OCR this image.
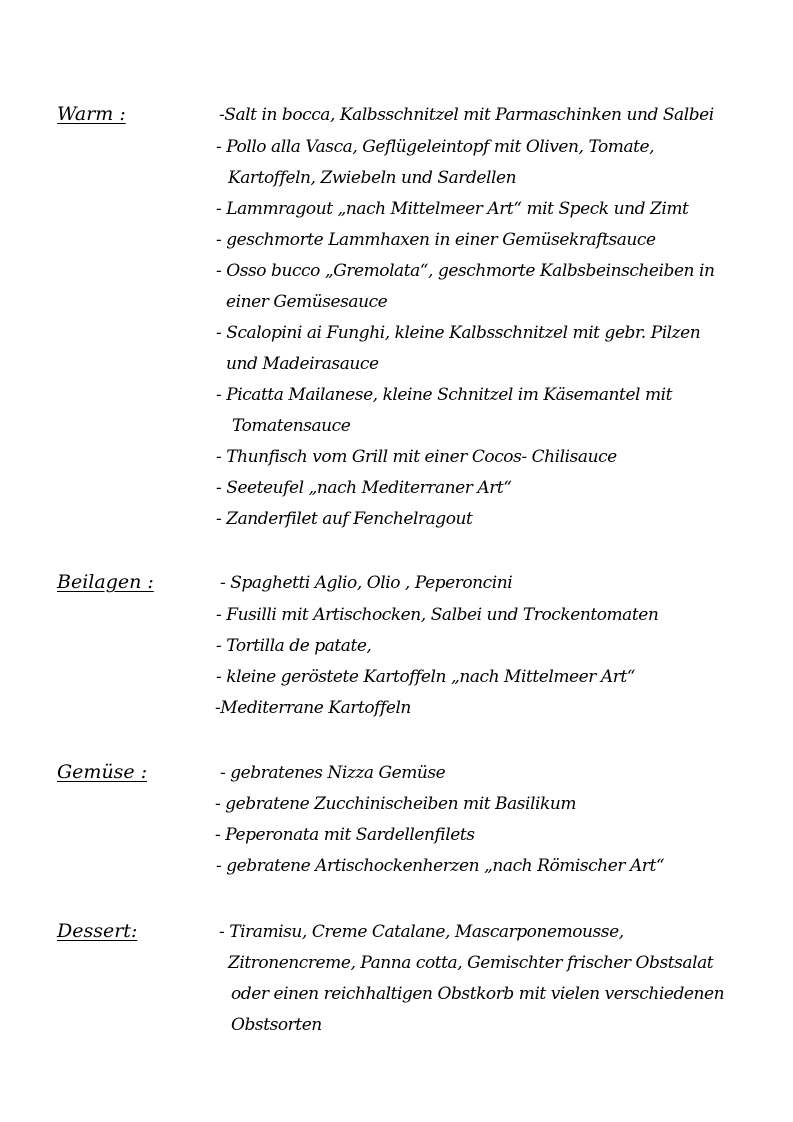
Warm :	-Salt in bocca, Kalbsschnitzel mit Parmaschinken und Salbei
- Pollo alla Vasca, Geflügeleintopf mit Oliven, Tomate,
Kartoffeln, Zwiebeln und Sardellen
- Lammragout „nach Mittelmeer Art“ mit Speck und Zimt
- geschmorte Lammhaxen in einer Gemüsekraftsauce
- Osso bucco „Gremolata“, geschmorte Kalbsbeinscheiben in
einer Gemüsesauce
- Scalopini ai Funghi, kleine Kalbsschnitzel mit gebr. Pilzen
und Madeirasauce
- Picatta Mailanese, kleine Schnitzel im Käsemantel mit
Tomatensauce
- Thunfisch vom Grill mit einer Cocos- Chilisauce
- Seeteufel „nach Mediterraner Art“
- Zanderfilet auf Fenchelragout
Beilagen :	- Spaghetti Aglio, Olio , Peperoncini
- Fusilli mit Artischocken, Salbei und Trockentomaten
- Tortilla de patate,
- kleine geröstete Kartoffeln „nach Mittelmeer Art“
-Mediterrane Kartoffeln
Gemüse :	- gebratenes Nizza Gemüse
- gebratene Zucchinischeiben mit Basilikum
- Peperonata mit Sardellenfilets
- gebratene Artischockenherzen „nach Römischer Art“
Dessert:	- Tiramisu, Creme Catalane, Mascarponemousse,
Zitronencreme, Panna cotta, Gemischter frischer Obstsalat
oder einen reichhaltigen Obstkorb mit vielen verschiedenen
Obstsorten
